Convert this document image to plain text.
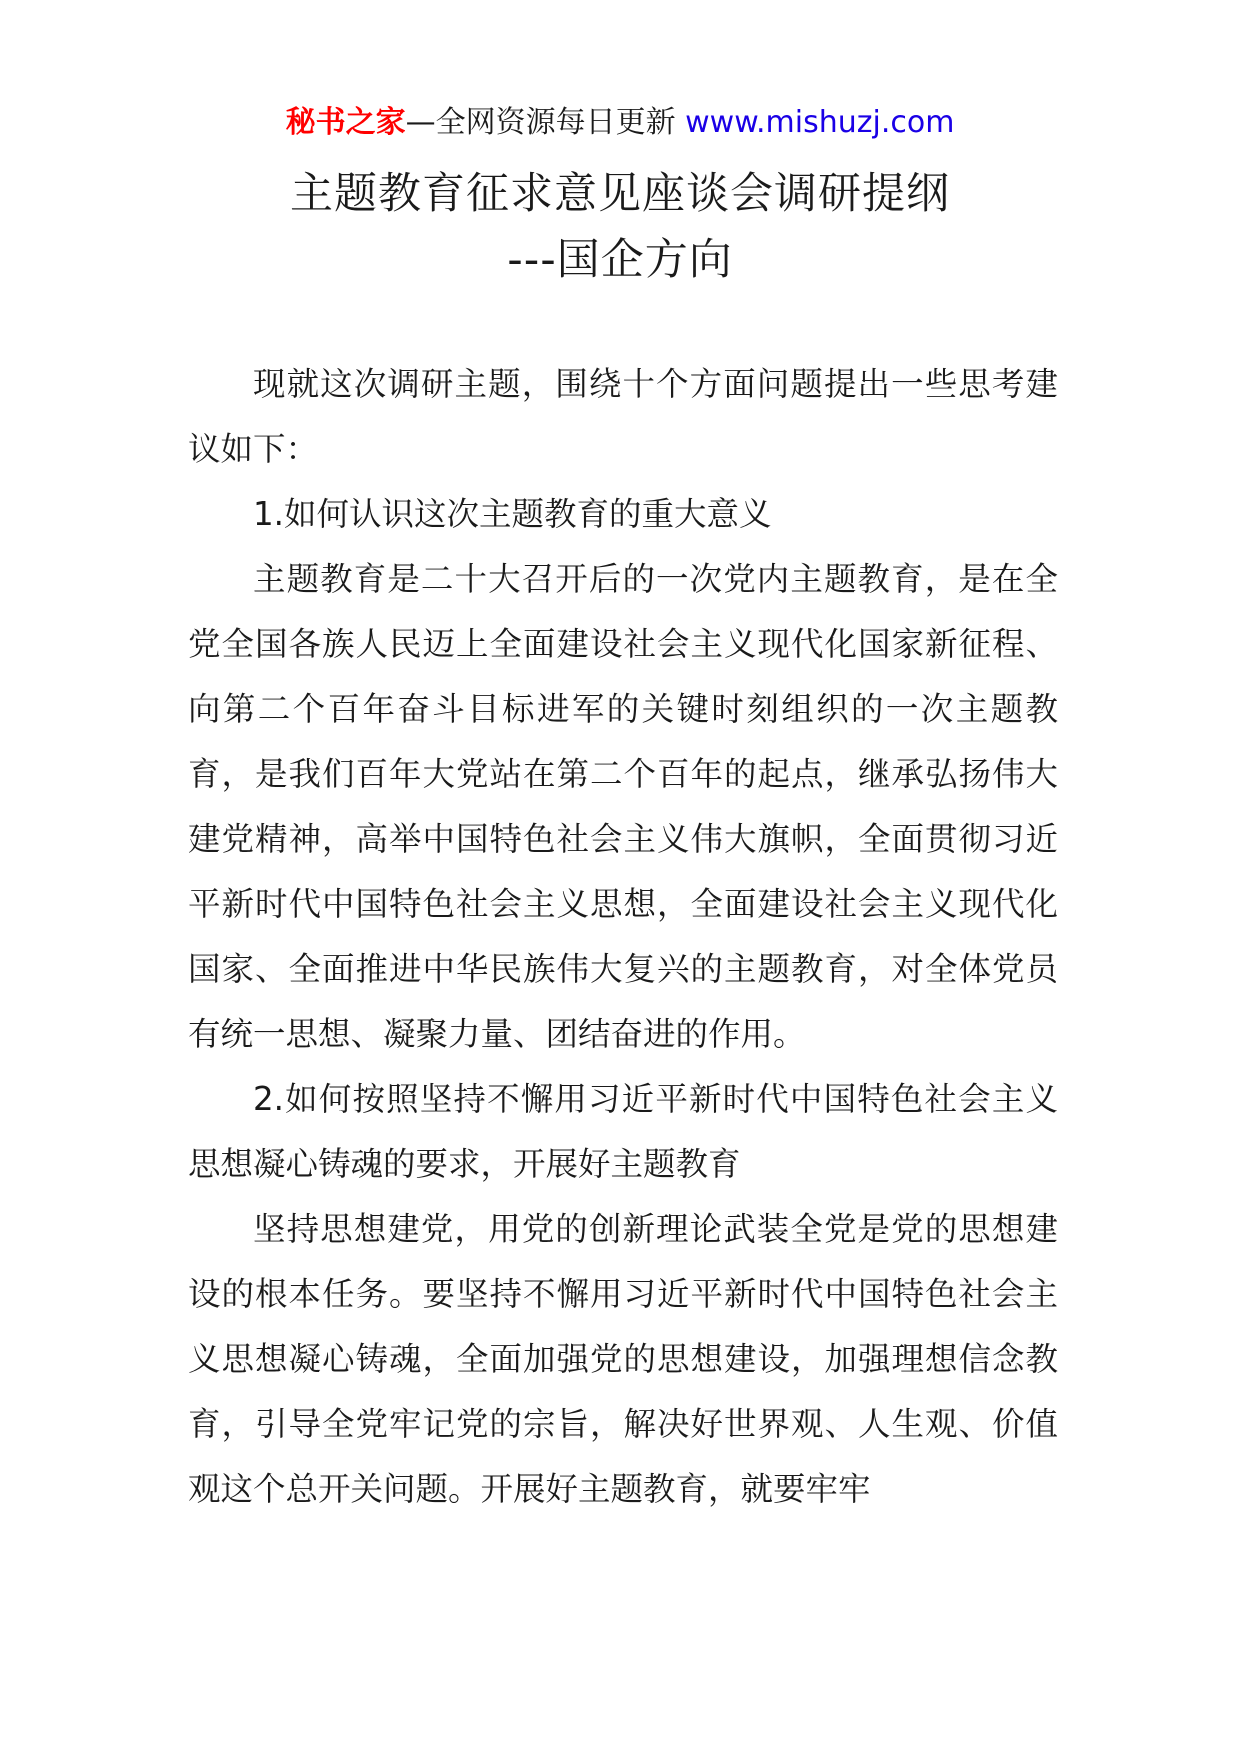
秘书之家—全网资源每日更新 www.mishuzj.com
主题教育征求意见座谈会调研提纲
---国企方向

现就这次调研主题，围绕十个方面问题提出一些思考建议如下：

1.如何认识这次主题教育的重大意义

主题教育是二十大召开后的一次党内主题教育，是在全党全国各族人民迈上全面建设社会主义现代化国家新征程、向第二个百年奋斗目标进军的关键时刻组织的一次主题教育，是我们百年大党站在第二个百年的起点，继承弘扬伟大建党精神，高举中国特色社会主义伟大旗帜，全面贯彻习近平新时代中国特色社会主义思想，全面建设社会主义现代化国家、全面推进中华民族伟大复兴的主题教育，对全体党员有统一思想、凝聚力量、团结奋进的作用。

2.如何按照坚持不懈用习近平新时代中国特色社会主义思想凝心铸魂的要求，开展好主题教育

坚持思想建党，用党的创新理论武装全党是党的思想建设的根本任务。要坚持不懈用习近平新时代中国特色社会主义思想凝心铸魂，全面加强党的思想建设，加强理想信念教育，引导全党牢记党的宗旨，解决好世界观、人生观、价值观这个总开关问题。开展好主题教育，就要牢牢
